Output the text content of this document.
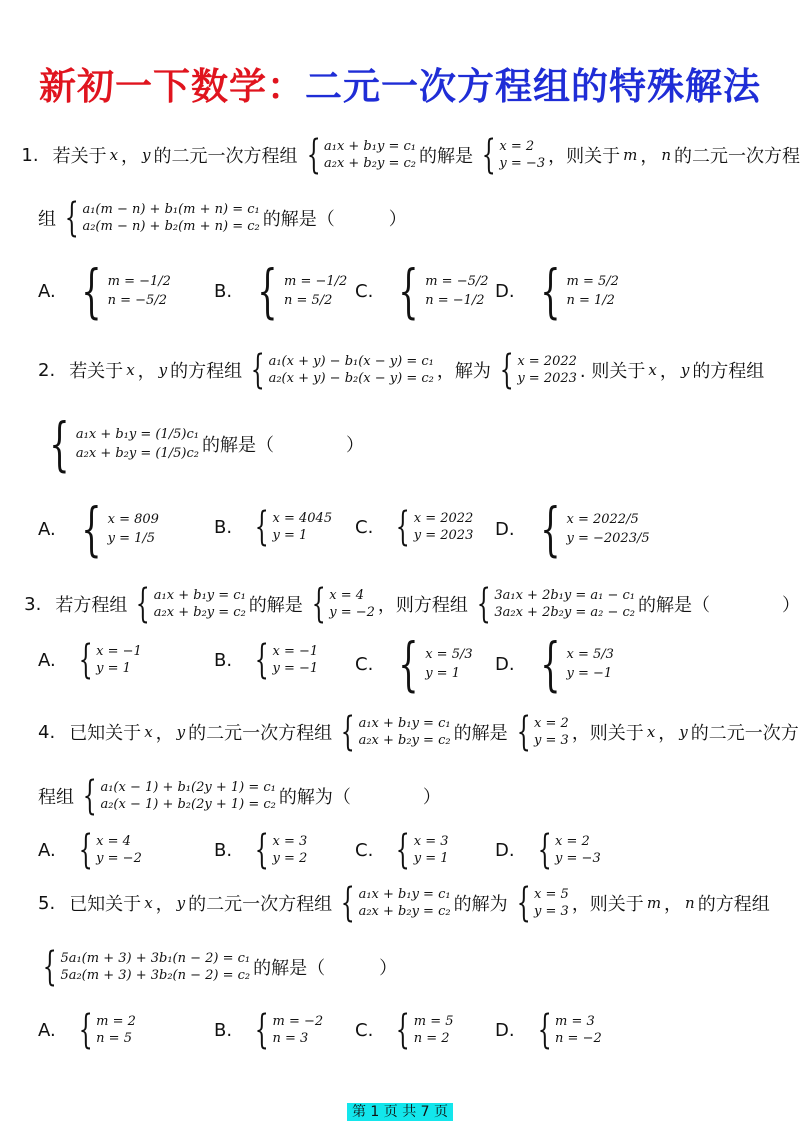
新初一下数学：二元一次方程组的特殊解法
1. 若关于 x ， y 的二元一次方程组 { a₁x + b₁y = c₁
a₂x + b₂y = c₂ 的解是 { x = 2
y = −3 ，则关于 m ， n 的二元一次方程
组 { a₁(m − n) + b₁(m + n) = c₁
a₂(m − n) + b₂(m + n) = c₂ 的解是（　　　）
A. { m = −1/2
n = −5/2	B. { m = −1/2
n = 5/2	C. { m = −5/2
n = −1/2 D. { m = 5/2
n = 1/2
2. 若关于 x ， y 的方程组 { a₁(x + y) − b₁(x − y) = c₁
a₂(x + y) − b₂(x − y) = c₂ ，解为 { x = 2022
y = 2023 . 则关于 x ， y 的方程组
{ a₁x + b₁y = (1/5)c₁
a₂x + b₂y = (1/5)c₂ 的解是（　　　　）
A. { x = 809
y = 1/5
B. { x = 4045
y = 1	C. { x = 2022
y = 2023 D. { x = 2022/5
y = −2023/5
3. 若方程组 { a₁x + b₁y = c₁
a₂x + b₂y = c₂ 的解是 { x = 4
y = −2 ，则方程组 { 3a₁x + 2b₁y = a₁ − c₁
3a₂x + 2b₂y = a₂ − c₂ 的解是（　　　　）
A. { x = −1
y = 1	B. { x = −1
y = −1 C. { x = 5/3
y = 1	D. { x = 5/3
y = −1
4. 已知关于 x ， y 的二元一次方程组 { a₁x + b₁y = c₁
a₂x + b₂y = c₂ 的解是 { x = 2
y = 3 ，则关于 x ， y 的二元一次方
程组 { a₁(x − 1) + b₁(2y + 1) = c₁
a₂(x − 1) + b₂(2y + 1) = c₂ 的解为（　　　　）
A. { x = 4
y = −2	B. { x = 3
y = 2	C. { x = 3
y = 1	D. { x = 2
y = −3
5. 已知关于 x ， y 的二元一次方程组 { a₁x + b₁y = c₁
a₂x + b₂y = c₂ 的解为 { x = 5
y = 3 ，则关于 m ， n 的方程组
{ 5a₁(m + 3) + 3b₁(n − 2) = c₁
5a₂(m + 3) + 3b₂(n − 2) = c₂ 的解是（　　　）
A. { m = 2
n = 5	B. { m = −2
n = 3	C. { m = 5
n = 2	D. { m = 3
n = −2
第 1 页 共 7 页
